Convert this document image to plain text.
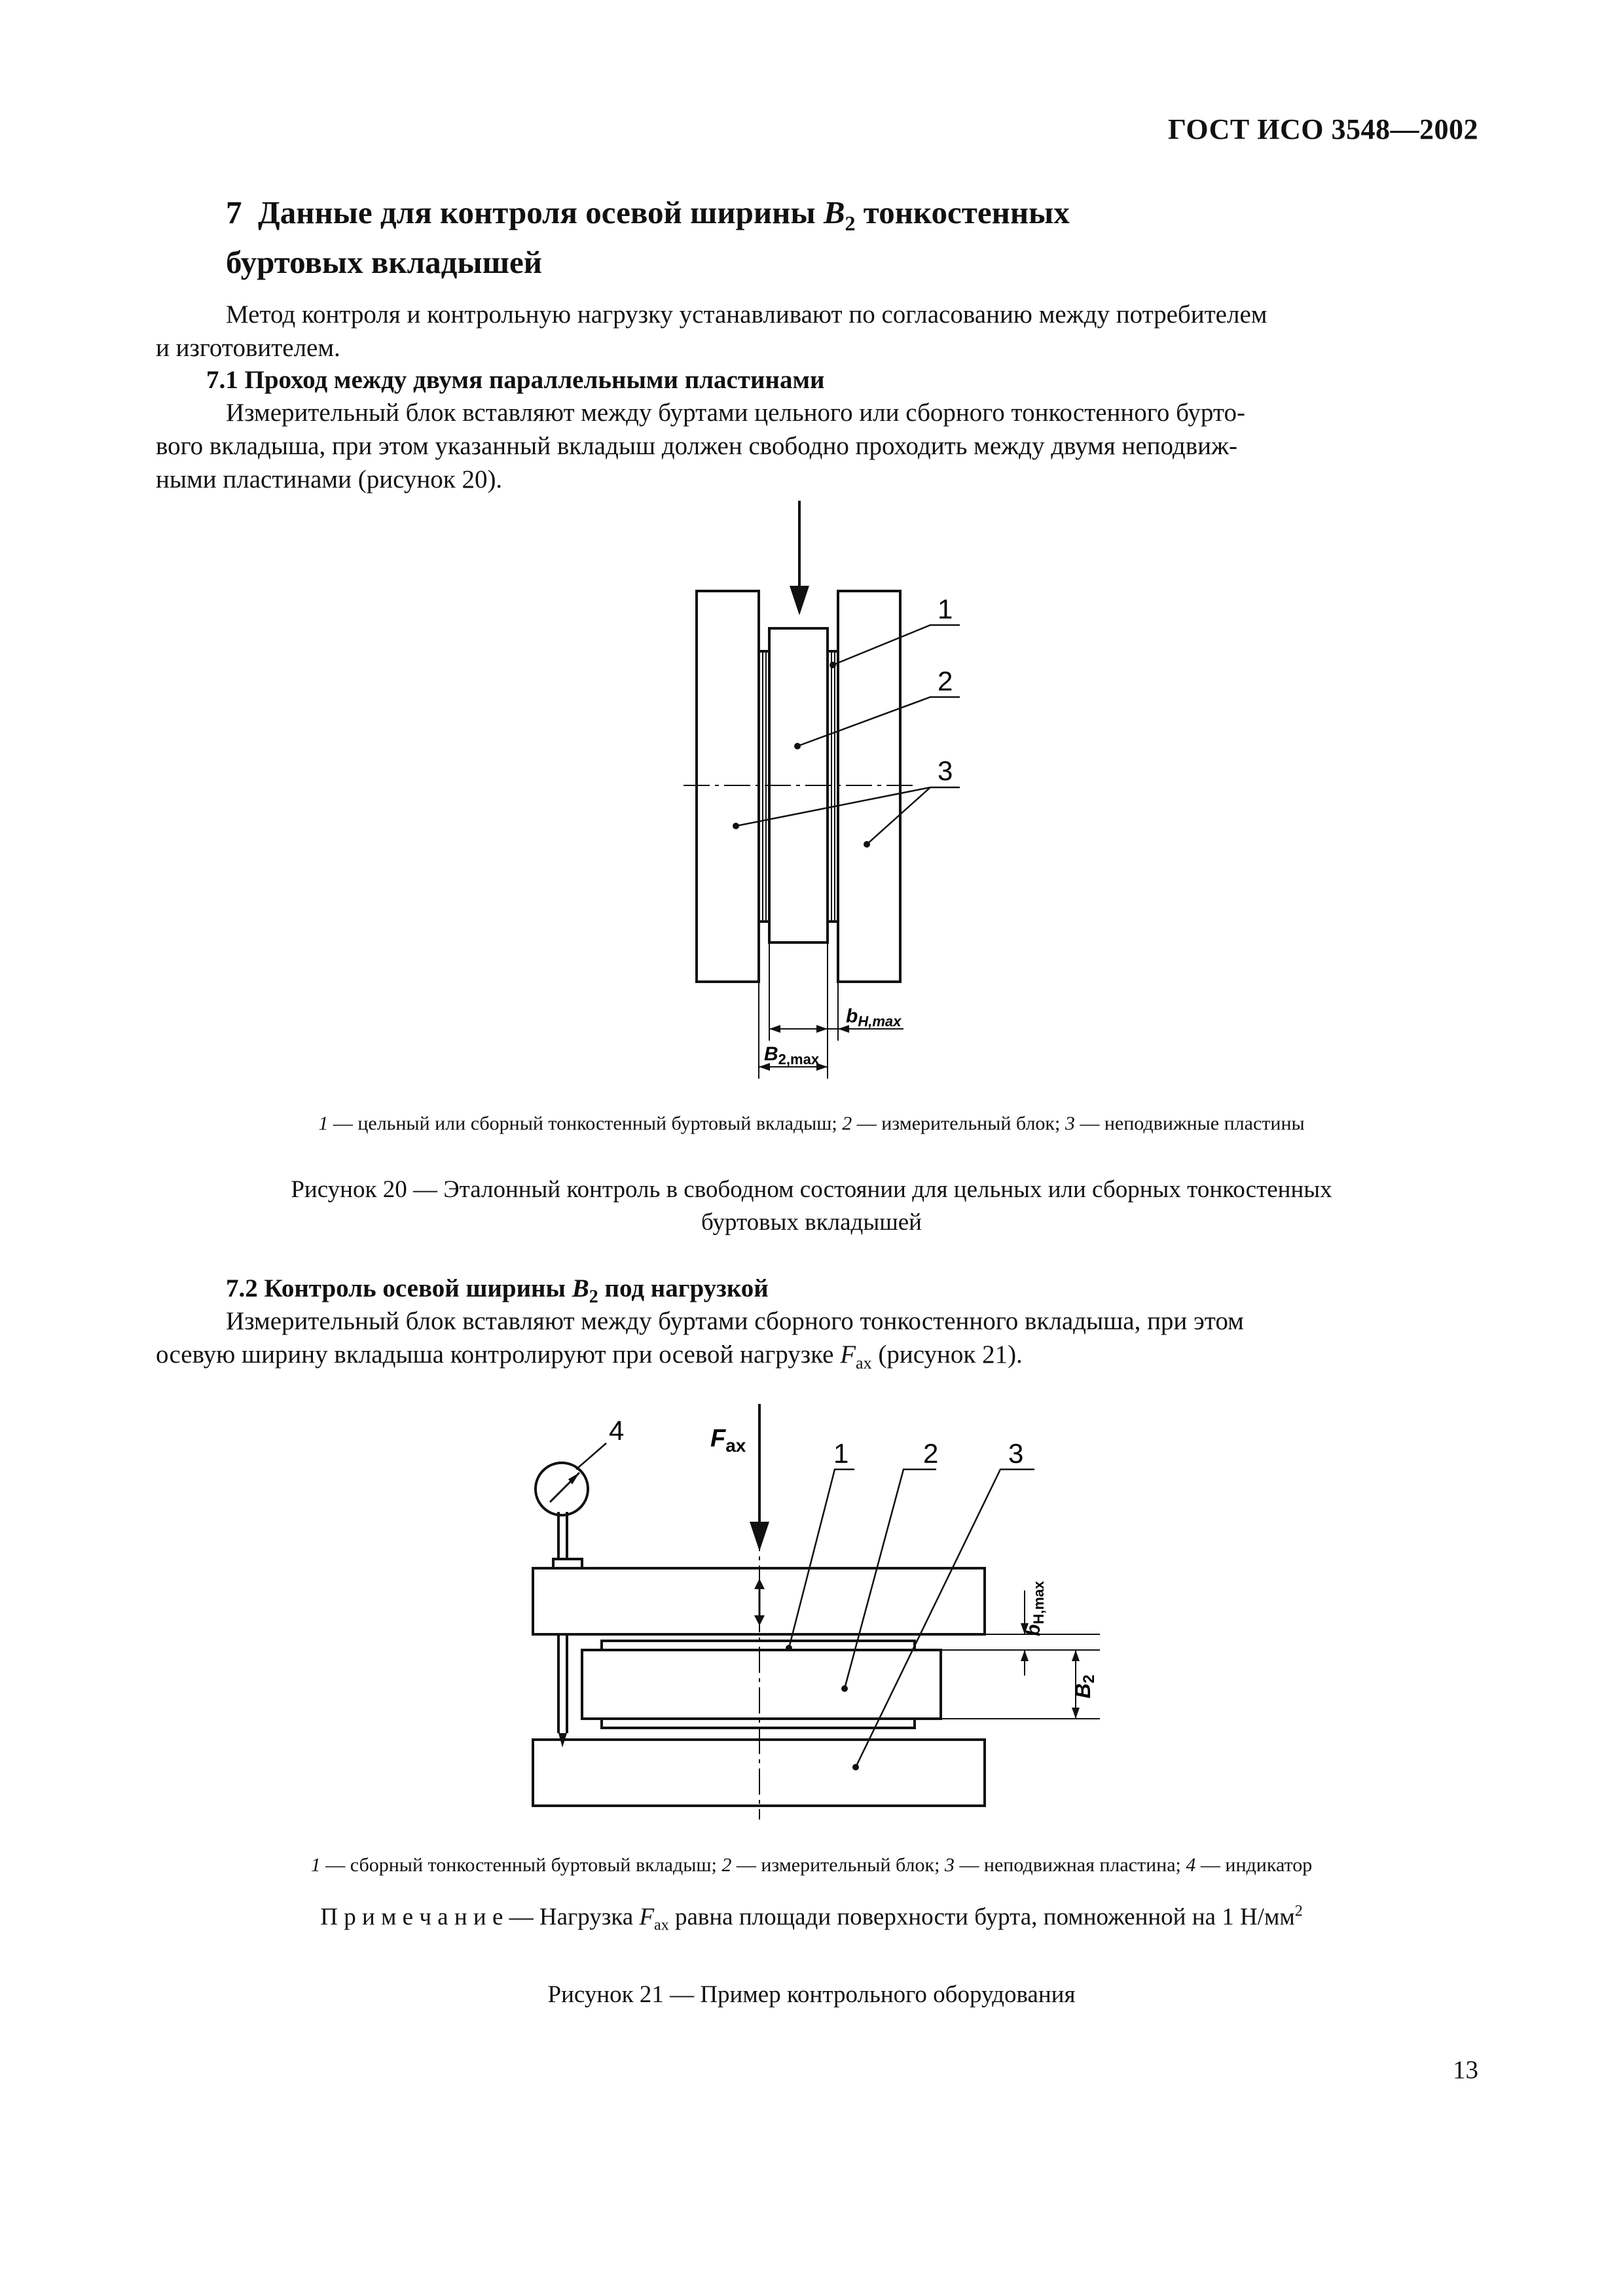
ГОСТ ИСО 3548—2002
7 Данные для контроля осевой ширины $B_2$ тонкостенных
буртовых вкладышей
Метод контроля и контрольную нагрузку устанавливают по согласованию между потребителем
и изготовителем.
7.1 Проход между двумя параллельными пластинами
Измерительный блок вставляют между буртами цельного или сборного тонкостенного бурто-
вого вкладыша, при этом указанный вкладыш должен свободно проходить между двумя неподвиж-
ными пластинами (рисунок 20).
1
2
3
$b_{H,max}$
$B_{2,max}$
1 — цельный или сборный тонкостенный буртовый вкладыш; 2 — измерительный блок; 3 — неподвижные пластины
Рисунок 20 — Эталонный контроль в свободном состоянии для цельных или сборных тонкостенных
буртовых вкладышей
7.2 Контроль осевой ширины $B_2$ под нагрузкой
Измерительный блок вставляют между буртами сборного тонкостенного вкладыша, при этом
осевую ширину вкладыша контролируют при осевой нагрузке $F_{ax}$ (рисунок 21).
4	$F_{ax}$	1	2	3
$b_{H,max}$
B2
1 — сборный тонкостенный буртовый вкладыш; 2 — измерительный блок; 3 — неподвижная пластина; 4 — индикатор
П р и м е ч а н и е — Нагрузка $F_{ax}$ равна площади поверхности бурта, помноженной на 1 $Н/мм^2$
Рисунок 21 — Пример контрольного оборудования
13
